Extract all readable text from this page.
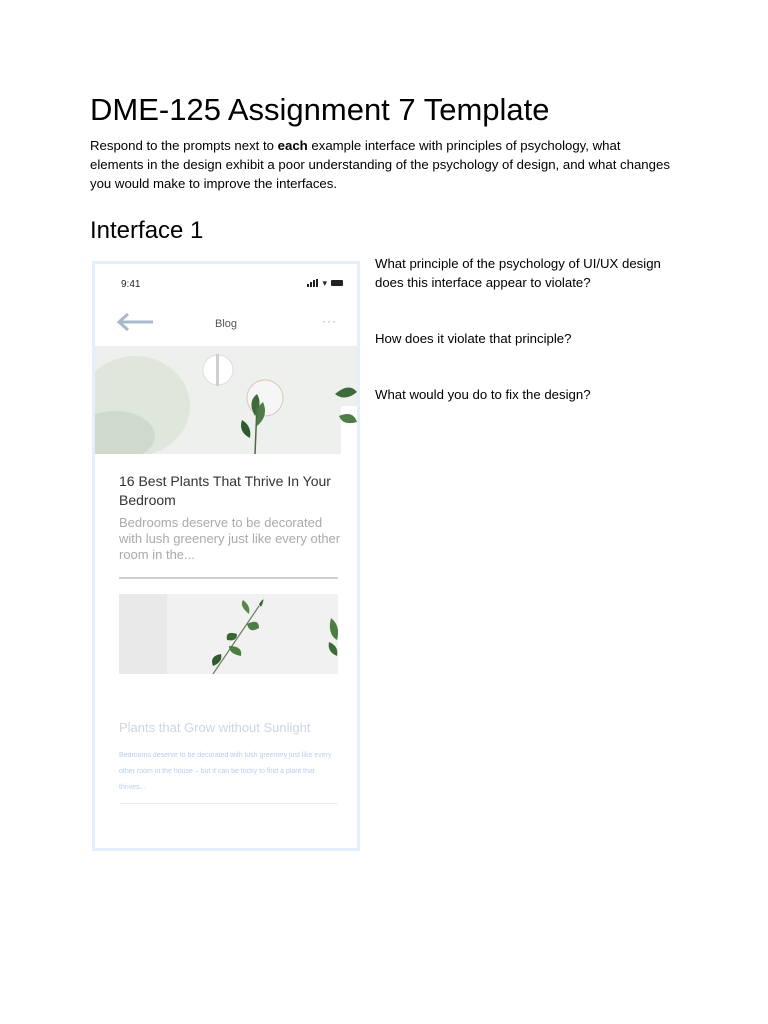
DME-125 Assignment 7 Template

Respond to the prompts next to each example interface with principles of psychology, what elements in the design exhibit a poor understanding of the psychology of design, and what changes you would make to improve the interfaces.

Interface 1

What principle of the psychology of UI/UX design does this interface appear to violate?

How does it violate that principle?

What would you do to fix the design?

9:41	▾
Blog	···
16 Best Plants That Thrive In Your Bedroom
Bedrooms deserve to be decorated with lush greenery just like every other room in the...
Plants that Grow without Sunlight
Bedrooms deserve to be decorated with lush greenery just like every other room in the house – but it can be tricky to find a plant that thrives...
